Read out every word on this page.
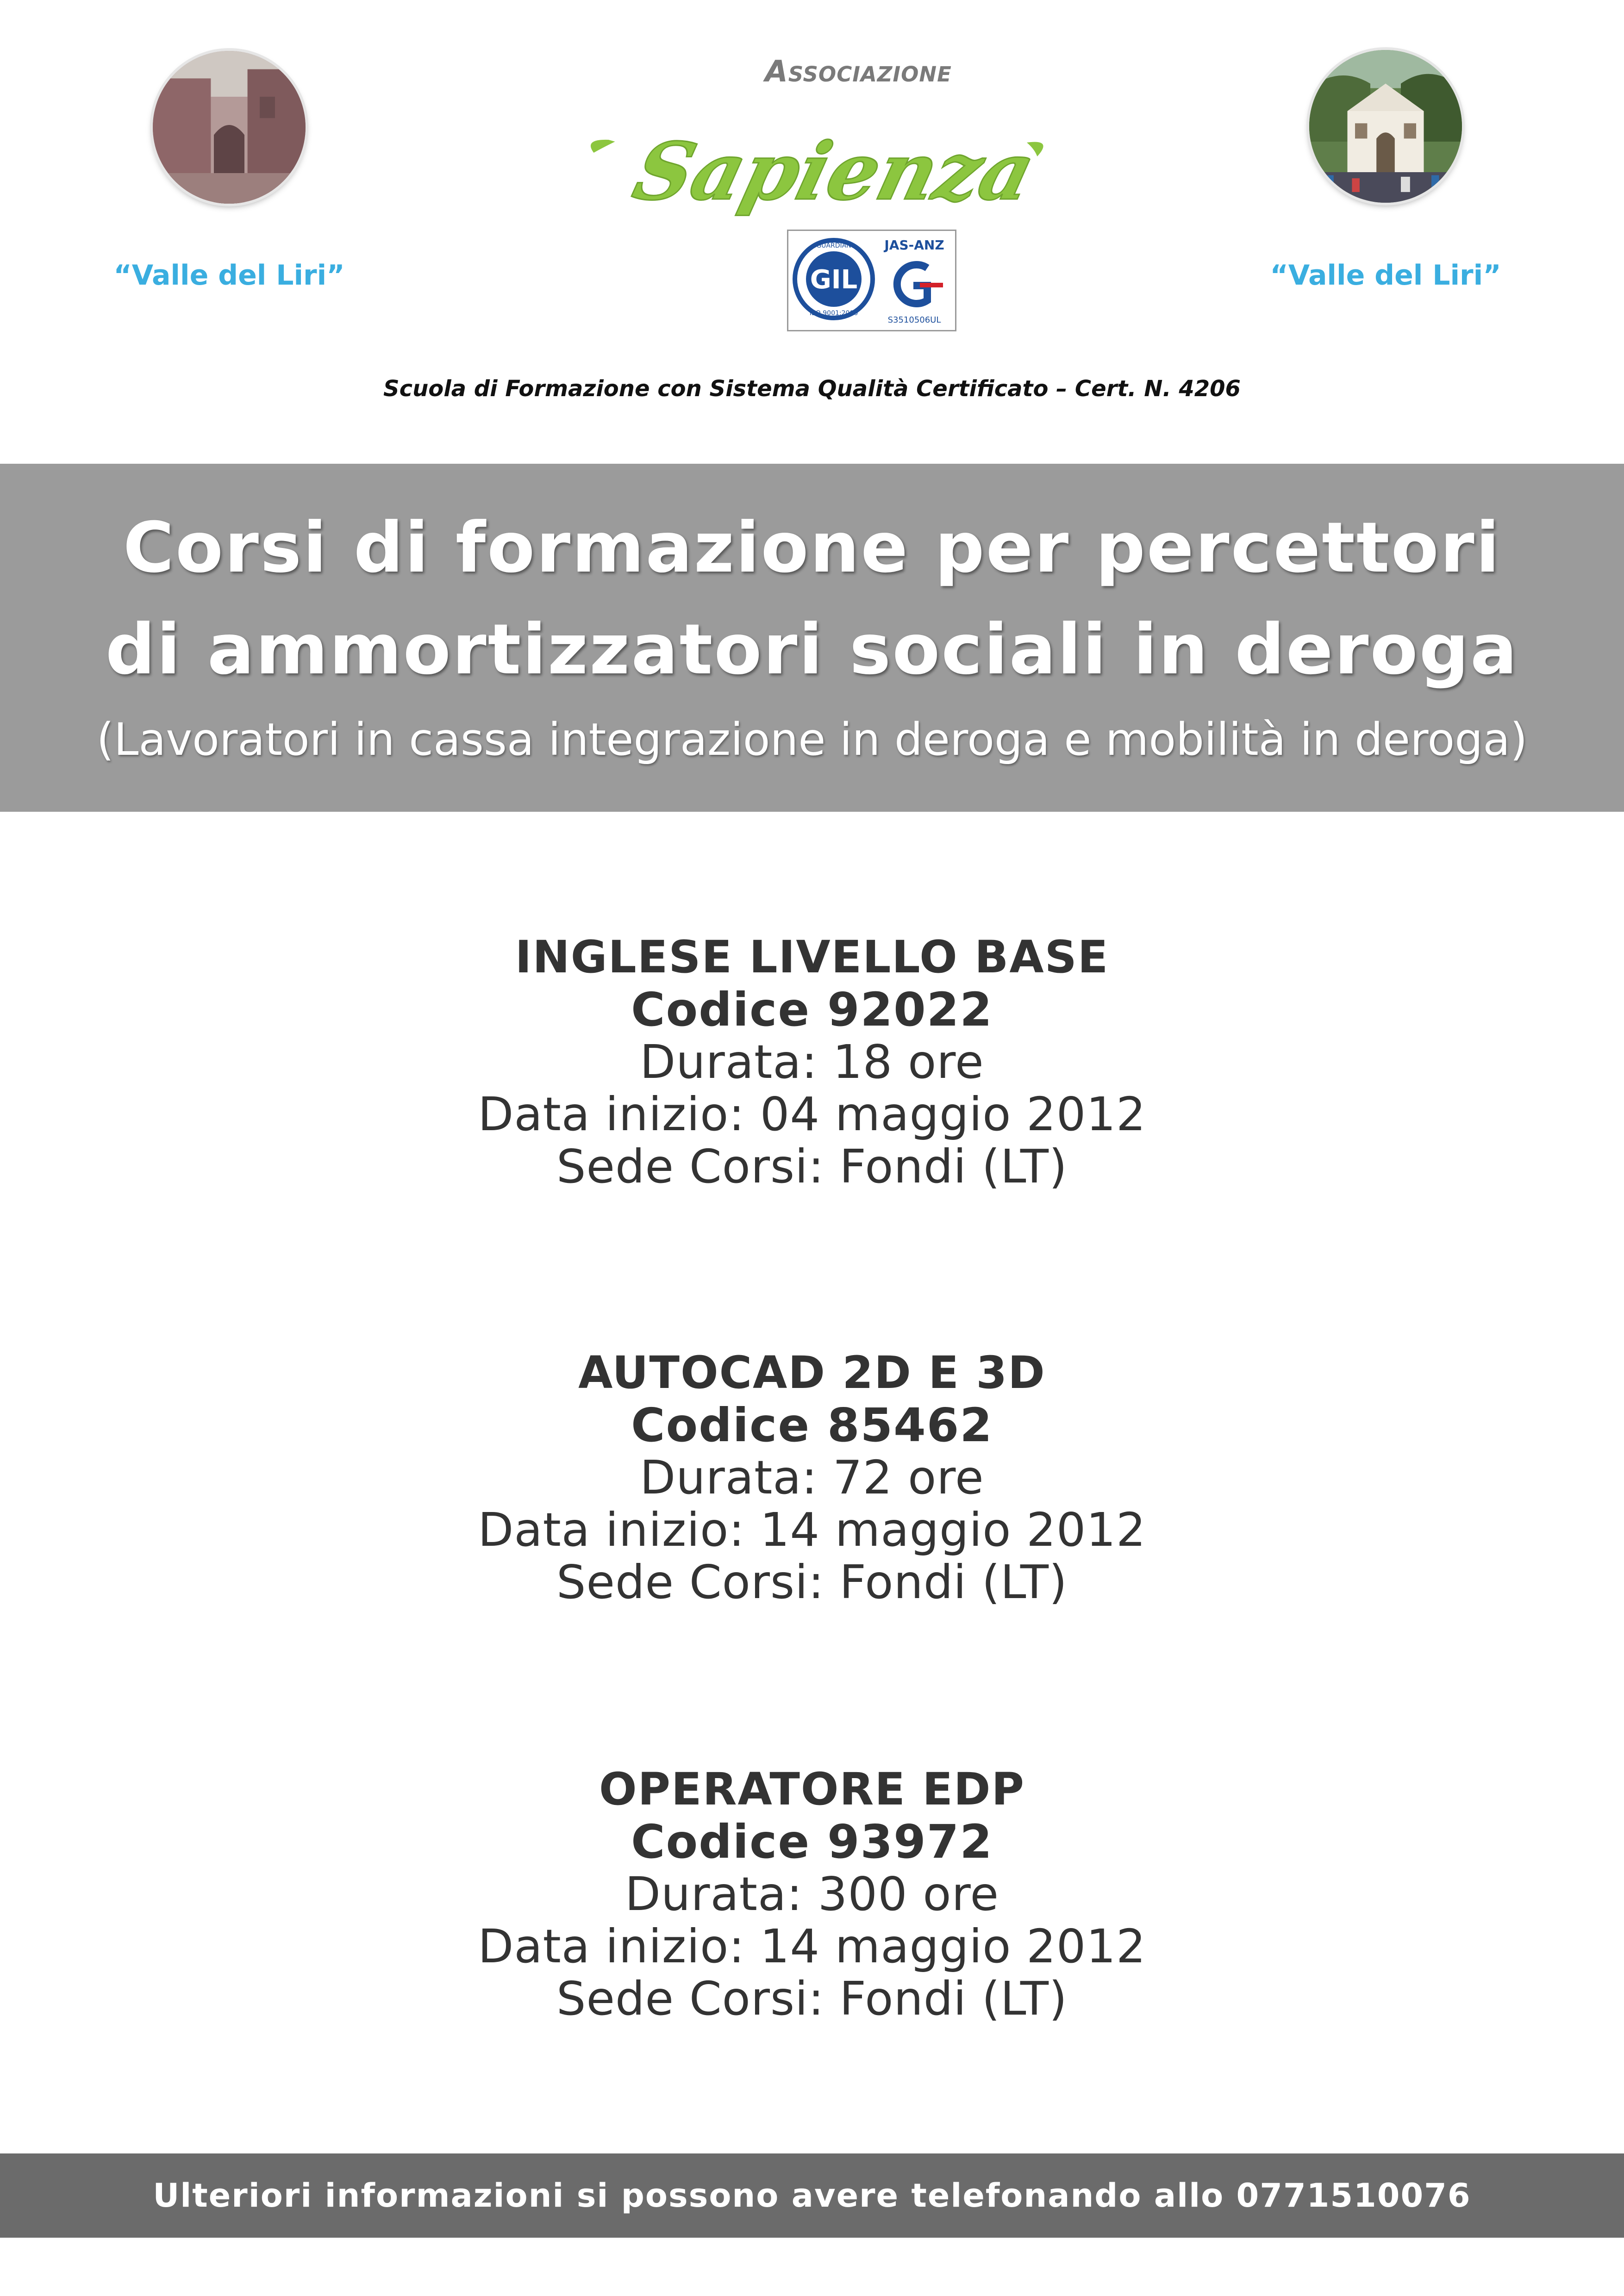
“Valle del Liri”	“Valle del Liri”
Associazione
Sapienza
GIL
GUARDIAN
ISO 9001:2000
JAS-ANZ
S3510506UL
Scuola di Formazione con Sistema Qualità Certificato – Cert. N. 4206
Corsi di formazione per percettori
di ammortizzatori sociali in deroga
(Lavoratori in cassa integrazione in deroga e mobilità in deroga)
INGLESE LIVELLO BASE
Codice 92022
Durata: 18 ore
Data inizio: 04 maggio 2012
Sede Corsi: Fondi (LT)
AUTOCAD 2D E 3D
Codice 85462
Durata: 72 ore
Data inizio: 14 maggio 2012
Sede Corsi: Fondi (LT)
OPERATORE EDP
Codice 93972
Durata: 300 ore
Data inizio: 14 maggio 2012
Sede Corsi: Fondi (LT)
Ulteriori informazioni si possono avere telefonando allo 0771510076
